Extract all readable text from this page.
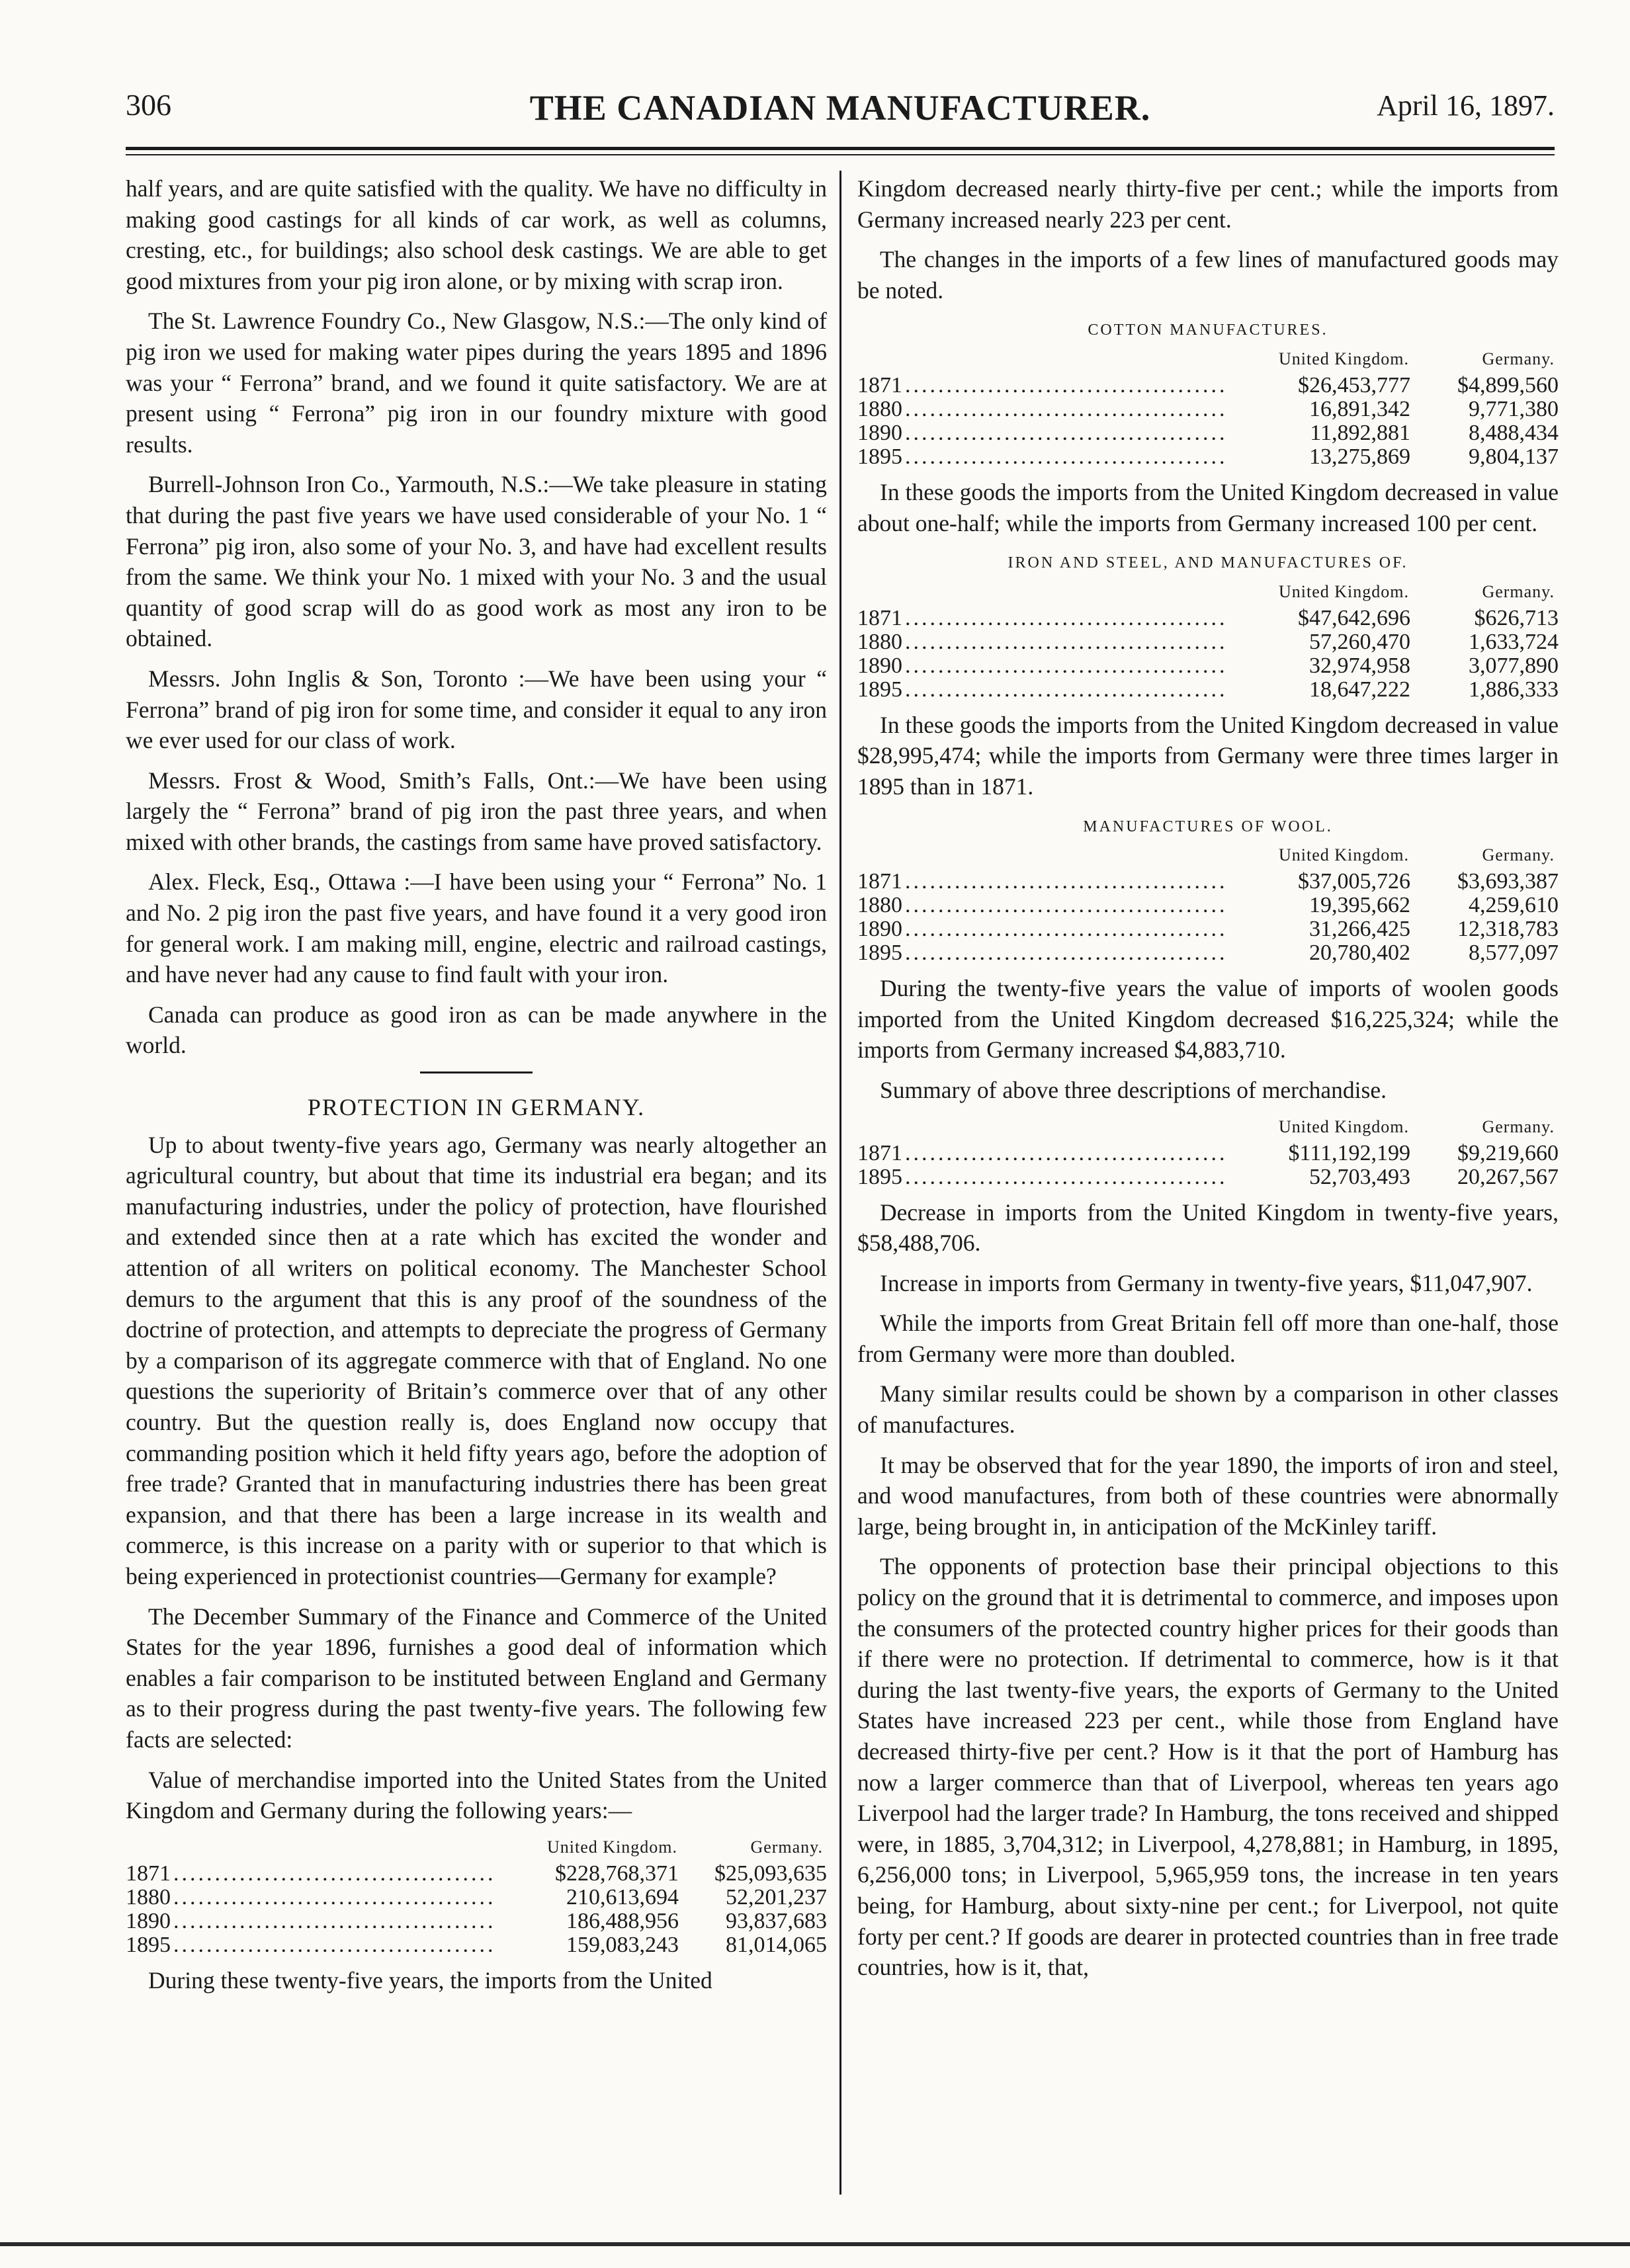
306	THE CANADIAN MANUFACTURER.	April 16, 1897.

half years, and are quite satisfied with the quality. We have no difficulty in making good castings for all kinds of car work, as well as columns, cresting, etc., for buildings; also school desk castings. We are able to get good mixtures from your pig iron alone, or by mixing with scrap iron.

The St. Lawrence Foundry Co., New Glasgow, N.S.:—The only kind of pig iron we used for making water pipes during the years 1895 and 1896 was your “ Ferrona” brand, and we found it quite satisfactory. We are at present using “ Ferrona” pig iron in our foundry mixture with good results.

Burrell-Johnson Iron Co., Yarmouth, N.S.:—We take pleasure in stating that during the past five years we have used considerable of your No. 1 “ Ferrona” pig iron, also some of your No. 3, and have had excellent results from the same. We think your No. 1 mixed with your No. 3 and the usual quantity of good scrap will do as good work as most any iron to be obtained.

Messrs. John Inglis & Son, Toronto :—We have been using your “ Ferrona” brand of pig iron for some time, and consider it equal to any iron we ever used for our class of work.

Messrs. Frost & Wood, Smith’s Falls, Ont.:—We have been using largely the “ Ferrona” brand of pig iron the past three years, and when mixed with other brands, the castings from same have proved satisfactory.

Alex. Fleck, Esq., Ottawa :—I have been using your “ Ferrona” No. 1 and No. 2 pig iron the past five years, and have found it a very good iron for general work. I am making mill, engine, electric and railroad castings, and have never had any cause to find fault with your iron.

Canada can produce as good iron as can be made anywhere in the world.

PROTECTION IN GERMANY.

Up to about twenty-five years ago, Germany was nearly altogether an agricultural country, but about that time its industrial era began; and its manufacturing industries, under the policy of protection, have flourished and extended since then at a rate which has excited the wonder and attention of all writers on political economy. The Manchester School demurs to the argument that this is any proof of the soundness of the doctrine of protection, and attempts to depreciate the progress of Germany by a comparison of its aggregate commerce with that of England. No one questions the superiority of Britain’s commerce over that of any other country. But the question really is, does England now occupy that commanding position which it held fifty years ago, before the adoption of free trade? Granted that in manufacturing industries there has been great expansion, and that there has been a large increase in its wealth and commerce, is this increase on a parity with or superior to that which is being experienced in protectionist countries—Germany for example?

The December Summary of the Finance and Commerce of the United States for the year 1896, furnishes a good deal of information which enables a fair comparison to be instituted between England and Germany as to their progress during the past twenty-five years. The following few facts are selected:

Value of merchandise imported into the United States from the United Kingdom and Germany during the following years:—

United Kingdom.			Germany.
1871	.......................................	$228,768,371	$25,093,635
1880	.......................................	210,613,694	52,201,237
1890	.......................................	186,488,956	93,837,683
1895	.......................................	159,083,243	81,014,065

During these twenty-five years, the imports from the United

Kingdom decreased nearly thirty-five per cent.; while the imports from Germany increased nearly 223 per cent.

The changes in the imports of a few lines of manufactured goods may be noted.

COTTON MANUFACTURES.
United Kingdom.			Germany.
1871	.......................................	$26,453,777	$4,899,560
1880	.......................................	16,891,342	9,771,380
1890	.......................................	11,892,881	8,488,434
1895	.......................................	13,275,869	9,804,137

In these goods the imports from the United Kingdom decreased in value about one-half; while the imports from Germany increased 100 per cent.

IRON AND STEEL, AND MANUFACTURES OF.
United Kingdom.			Germany.
1871	.......................................	$47,642,696	$626,713
1880	.......................................	57,260,470	1,633,724
1890	.......................................	32,974,958	3,077,890
1895	.......................................	18,647,222	1,886,333

In these goods the imports from the United Kingdom decreased in value $28,995,474; while the imports from Germany were three times larger in 1895 than in 1871.

MANUFACTURES OF WOOL.
United Kingdom.			Germany.
1871	.......................................	$37,005,726	$3,693,387
1880	.......................................	19,395,662	4,259,610
1890	.......................................	31,266,425	12,318,783
1895	.......................................	20,780,402	8,577,097

During the twenty-five years the value of imports of woolen goods imported from the United Kingdom decreased $16,225,324; while the imports from Germany increased $4,883,710.

Summary of above three descriptions of merchandise.

United Kingdom.			Germany.
1871	.......................................	$111,192,199	$9,219,660
1895	.......................................	52,703,493	20,267,567

Decrease in imports from the United Kingdom in twenty-five years, $58,488,706.

Increase in imports from Germany in twenty-five years, $11,047,907.

While the imports from Great Britain fell off more than one-half, those from Germany were more than doubled.

Many similar results could be shown by a comparison in other classes of manufactures.

It may be observed that for the year 1890, the imports of iron and steel, and wood manufactures, from both of these countries were abnormally large, being brought in, in anticipation of the McKinley tariff.

The opponents of protection base their principal objections to this policy on the ground that it is detrimental to commerce, and imposes upon the consumers of the protected country higher prices for their goods than if there were no protection. If detrimental to commerce, how is it that during the last twenty-five years, the exports of Germany to the United States have increased 223 per cent., while those from England have decreased thirty-five per cent.? How is it that the port of Hamburg has now a larger commerce than that of Liverpool, whereas ten years ago Liverpool had the larger trade? In Hamburg, the tons received and shipped were, in 1885, 3,704,312; in Liverpool, 4,278,881; in Hamburg, in 1895, 6,256,000 tons; in Liverpool, 5,965,959 tons, the increase in ten years being, for Hamburg, about sixty-nine per cent.; for Liverpool, not quite forty per cent.? If goods are dearer in protected countries than in free trade countries, how is it, that,
